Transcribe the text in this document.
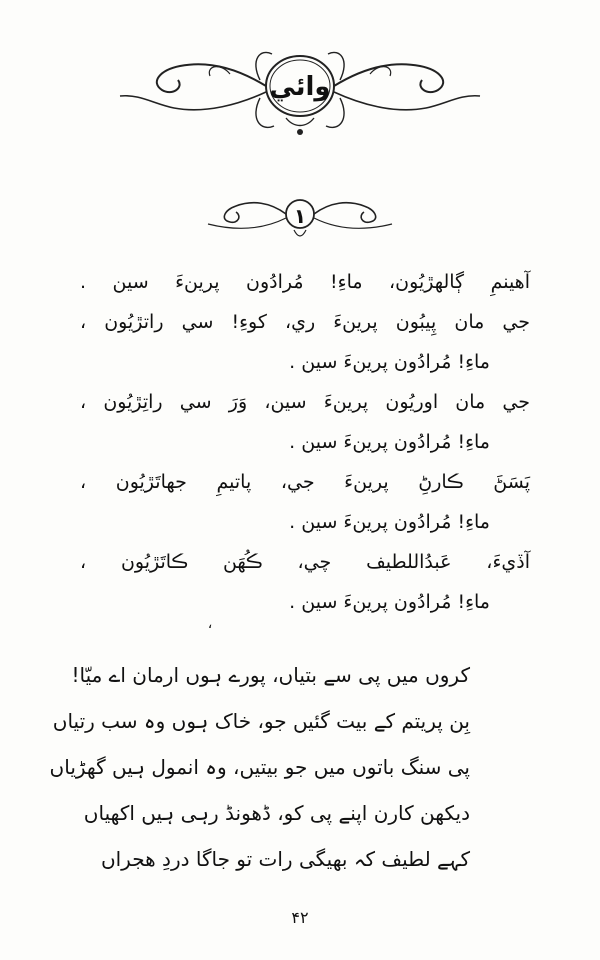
وائي
١
آهينمِ ڳالھڙيُون، ماءِ! مُرادُون پرينءَ سين .
جي مان پِيبُون پرينءَ ري، کوءِ! سي راتڙيُون ،
ماءِ! مُرادُون پرينءَ سين .
جي مان اوريُون پرينءَ سين، وَرَ سي راتِڙيُون ،
ماءِ! مُرادُون پرينءَ سين .
پَسَڻَ ڪارڻِ پرينءَ جي، پاتيمِ جهاتَڙيُون ،
ماءِ! مُرادُون پرينءَ سين .
آڏيءَ، عَبدُاللطيف چي، ڪُهَن ڪاتَڙيُون ،
ماءِ! مُرادُون پرينءَ سين .
،
کروں میں پی سے بتیاں، پورے ہوں ارمان اے میّا!
بِن پریتم کے بیت گئیں جو، خاک ہوں وہ سب رتیاں
پی سنگ باتوں میں جو بیتیں، وہ انمول ہیں گھڑیاں
دیکھن کارن اپنے پی کو، ڈھونڈ رہی ہیں اکھیاں
کہے لطیف کہ بھیگی رات تو جاگا دردِ هجراں
۴۲
